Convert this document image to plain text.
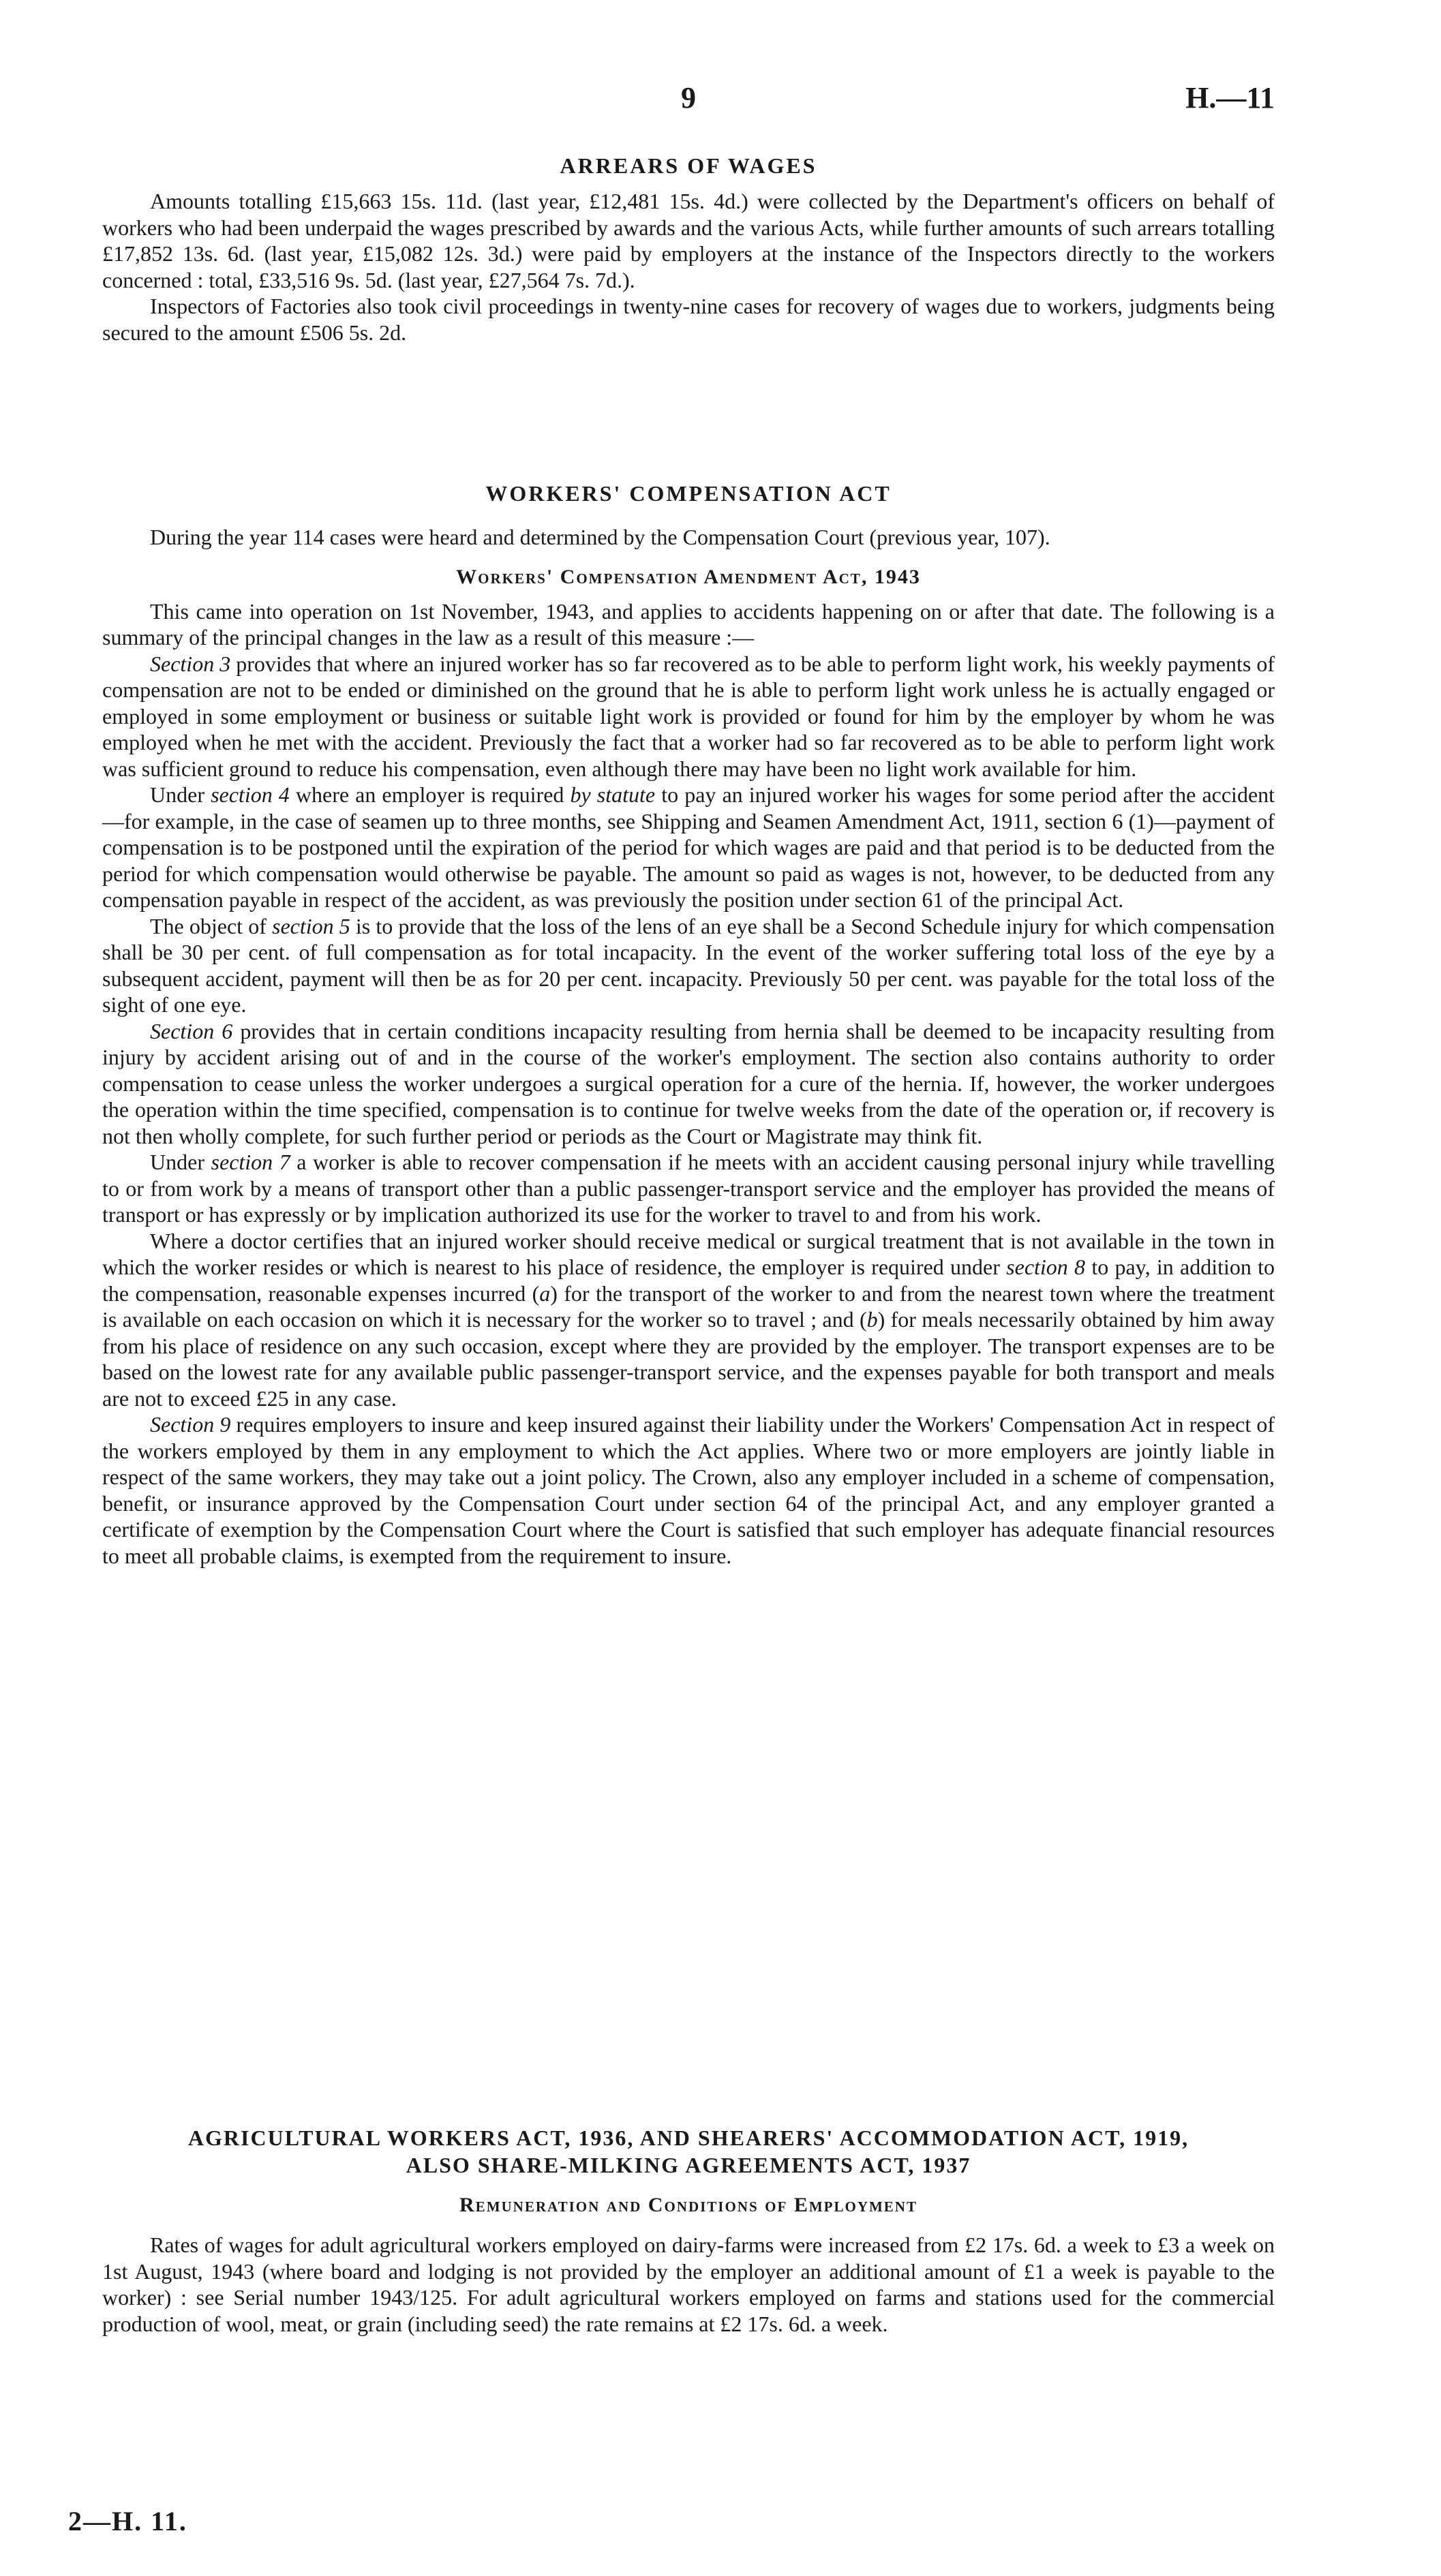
9	H.—11
ARREARS OF WAGES

Amounts totalling £15,663 15s. 11d. (last year, £12,481 15s. 4d.) were collected by the Department's officers on behalf of workers who had been underpaid the wages prescribed by awards and the various Acts, while further amounts of such arrears totalling £17,852 13s. 6d. (last year, £15,082 12s. 3d.) were paid by employers at the instance of the Inspectors directly to the workers concerned : total, £33,516 9s. 5d. (last year, £27,564 7s. 7d.).

Inspectors of Factories also took civil proceedings in twenty-nine cases for recovery of wages due to workers, judgments being secured to the amount £506 5s. 2d.

WORKERS' COMPENSATION ACT

During the year 114 cases were heard and determined by the Compensation Court (previous year, 107).

Workers' Compensation Amendment Act, 1943

This came into operation on 1st November, 1943, and applies to accidents happening on or after that date. The following is a summary of the principal changes in the law as a result of this measure :—

Section 3 provides that where an injured worker has so far recovered as to be able to perform light work, his weekly payments of compensation are not to be ended or diminished on the ground that he is able to perform light work unless he is actually engaged or employed in some employment or business or suitable light work is provided or found for him by the employer by whom he was employed when he met with the accident. Previously the fact that a worker had so far recovered as to be able to perform light work was sufficient ground to reduce his compensation, even although there may have been no light work available for him.

Under section 4 where an employer is required by statute to pay an injured worker his wages for some period after the accident—for example, in the case of seamen up to three months, see Shipping and Seamen Amendment Act, 1911, section 6 (1)—payment of compensation is to be postponed until the expiration of the period for which wages are paid and that period is to be deducted from the period for which compensation would otherwise be payable. The amount so paid as wages is not, however, to be deducted from any compensation payable in respect of the accident, as was previously the position under section 61 of the principal Act.

The object of section 5 is to provide that the loss of the lens of an eye shall be a Second Schedule injury for which compensation shall be 30 per cent. of full compensation as for total incapacity. In the event of the worker suffering total loss of the eye by a subsequent accident, payment will then be as for 20 per cent. incapacity. Previously 50 per cent. was payable for the total loss of the sight of one eye.

Section 6 provides that in certain conditions incapacity resulting from hernia shall be deemed to be incapacity resulting from injury by accident arising out of and in the course of the worker's employment. The section also contains authority to order compensation to cease unless the worker undergoes a surgical operation for a cure of the hernia. If, however, the worker undergoes the operation within the time specified, compensation is to continue for twelve weeks from the date of the operation or, if recovery is not then wholly complete, for such further period or periods as the Court or Magistrate may think fit.

Under section 7 a worker is able to recover compensation if he meets with an accident causing personal injury while travelling to or from work by a means of transport other than a public passenger-transport service and the employer has provided the means of transport or has expressly or by implication authorized its use for the worker to travel to and from his work.

Where a doctor certifies that an injured worker should receive medical or surgical treatment that is not available in the town in which the worker resides or which is nearest to his place of residence, the employer is required under section 8 to pay, in addition to the compensation, reasonable expenses incurred (a) for the transport of the worker to and from the nearest town where the treatment is available on each occasion on which it is necessary for the worker so to travel ; and (b) for meals necessarily obtained by him away from his place of residence on any such occasion, except where they are provided by the employer. The transport expenses are to be based on the lowest rate for any available public passenger-transport service, and the expenses payable for both transport and meals are not to exceed £25 in any case.

Section 9 requires employers to insure and keep insured against their liability under the Workers' Compensation Act in respect of the workers employed by them in any employment to which the Act applies. Where two or more employers are jointly liable in respect of the same workers, they may take out a joint policy. The Crown, also any employer included in a scheme of compensation, benefit, or insurance approved by the Compensation Court under section 64 of the principal Act, and any employer granted a certificate of exemption by the Compensation Court where the Court is satisfied that such employer has adequate financial resources to meet all probable claims, is exempted from the requirement to insure.

AGRICULTURAL WORKERS ACT, 1936, AND SHEARERS' ACCOMMODATION ACT, 1919,
ALSO SHARE-MILKING AGREEMENTS ACT, 1937
Remuneration and Conditions of Employment

Rates of wages for adult agricultural workers employed on dairy-farms were increased from £2 17s. 6d. a week to £3 a week on 1st August, 1943 (where board and lodging is not provided by the employer an additional amount of £1 a week is payable to the worker) : see Serial number 1943/125. For adult agricultural workers employed on farms and stations used for the commercial production of wool, meat, or grain (including seed) the rate remains at £2 17s. 6d. a week.

2—H. 11.
